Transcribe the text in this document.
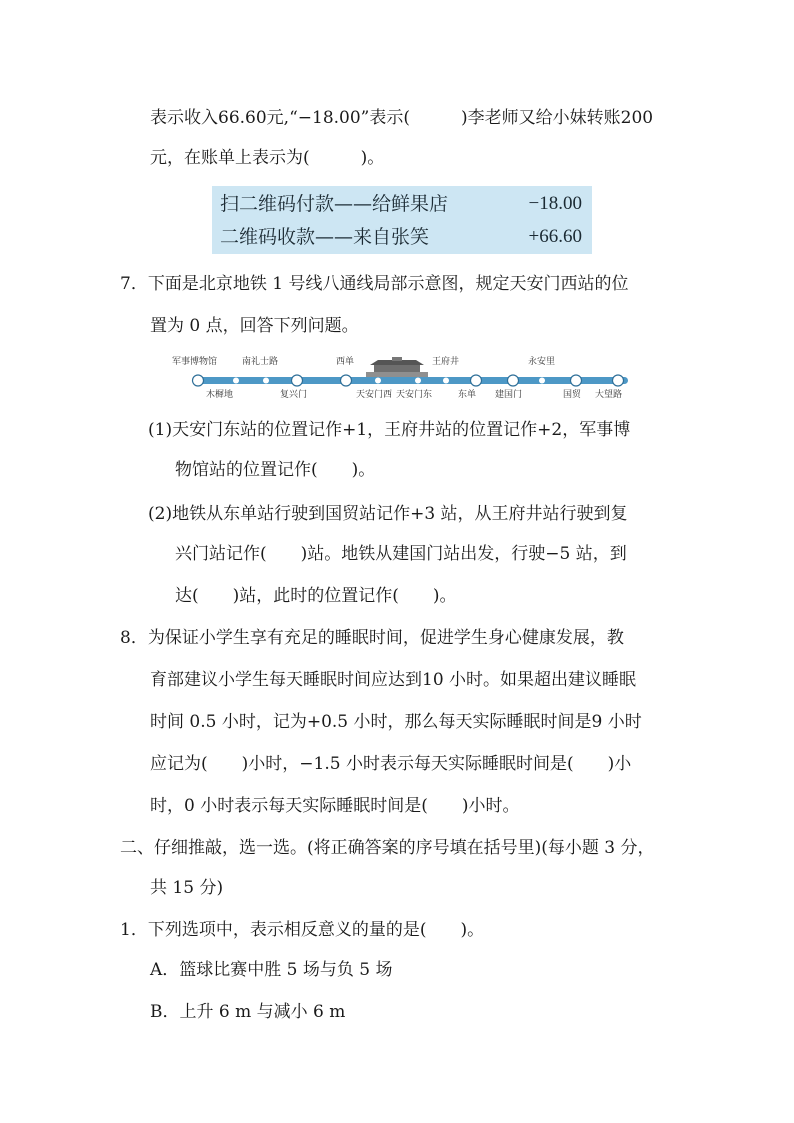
表示收入66.60元,“−18.00”表示(　　　)李老师又给小妹转账200
元，在账单上表示为(　　　)。
扫二维码付款——给鲜果店	−18.00
二维码收款——来自张笑	+66.60
7．下面是北京地铁 1 号线八通线局部示意图，规定天安门西站的位
置为 0 点，回答下列问题。
军事博物馆	南礼士路	西单	王府井	永安里
木樨地	复兴门	天安门西 天安门东	东单 建国门	国贸 大望路
(1)天安门东站的位置记作+1，王府井站的位置记作+2，军事博
物馆站的位置记作(　　)。
(2)地铁从东单站行驶到国贸站记作+3 站，从王府井站行驶到复
兴门站记作(　　)站。地铁从建国门站出发，行驶−5 站，到
达(　　)站，此时的位置记作(　　)。
8．为保证小学生享有充足的睡眠时间，促进学生身心健康发展，教
育部建议小学生每天睡眠时间应达到10 小时。如果超出建议睡眠
时间 0.5 小时，记为+0.5 小时，那么每天实际睡眠时间是9 小时
应记为(　　)小时，−1.5 小时表示每天实际睡眠时间是(　　)小
时，0 小时表示每天实际睡眠时间是(　　)小时。
二、仔细推敲，选一选。(将正确答案的序号填在括号里)(每小题 3 分，
共 15 分)
1．下列选项中，表示相反意义的量的是(　　)。
A．篮球比赛中胜 5 场与负 5 场
B．上升 6 m 与减小 6 m
